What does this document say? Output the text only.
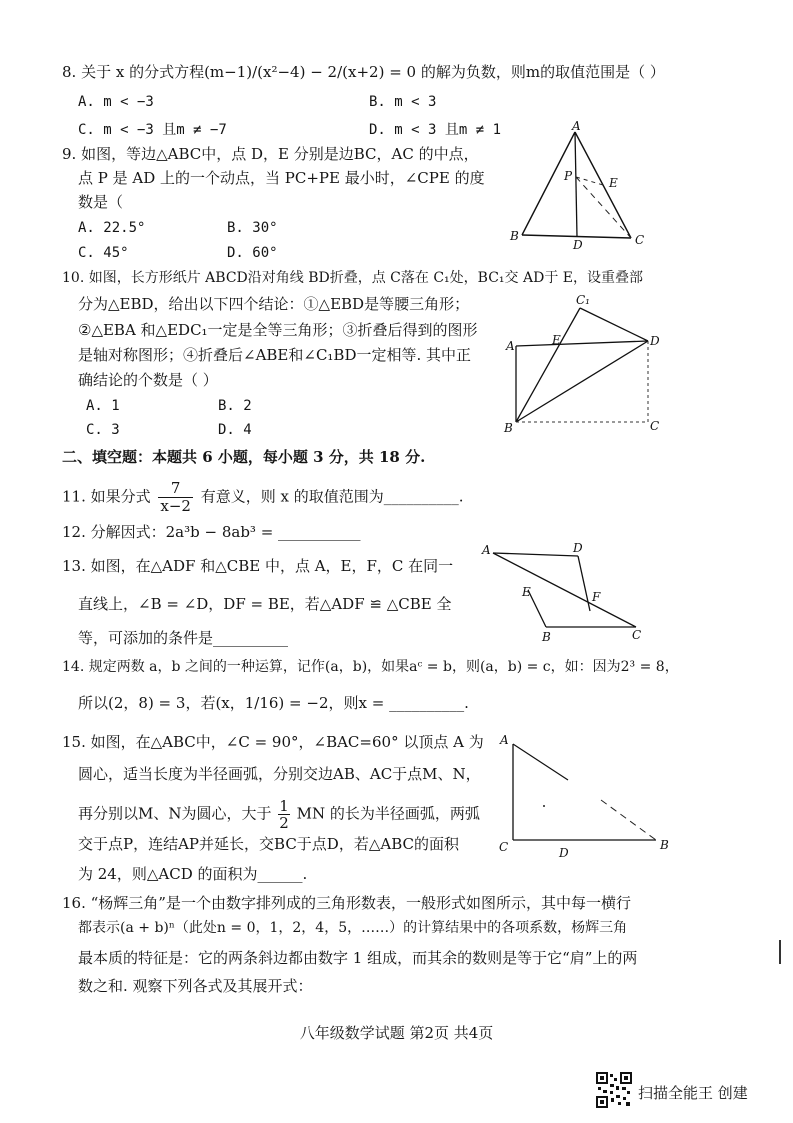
8. 关于 x 的分式方程(m−1)/(x²−4) − 2/(x+2) = 0 的解为负数，则m的取值范围是（ ）
A. m < −3	B. m < 3
C. m < −3 且m ≠ −7	D. m < 3 且m ≠ 1
9. 如图，等边△ABC中，点 D，E 分别是边BC，AC 的中点，
点 P 是 AD 上的一个动点，当 PC+PE 最小时，∠CPE 的度
数是（
A. 22.5°	B. 30°
C. 45°	D. 60°
A
B	C
D
E
P
10. 如图，长方形纸片 ABCD沿对角线 BD折叠，点 C落在 C₁处，BC₁交 AD于 E，设重叠部
分为△EBD，给出以下四个结论：①△EBD是等腰三角形；
②△EBA 和△EDC₁一定是全等三角形；③折叠后得到的图形
是轴对称图形；④折叠后∠ABE和∠C₁BD一定相等. 其中正
确结论的个数是（ ）
A. 1	B. 2
C. 3	D. 4
A
B	C
D
E
C₁
二、填空题：本题共 6 小题，每小题 3 分，共 18 分.
11. 如果分式 $\frac{7}{x-2}$ 有意义，则 x 的取值范围为__________.
12. 分解因式：2a³b − 8ab³ = ___________
13. 如图，在△ADF 和△CBE 中，点 A，E，F，C 在同一
直线上，∠B = ∠D，DF = BE，若△ADF ≌ △CBE 全
等，可添加的条件是__________
A	D
E	F
B	C
14. 规定两数 a，b 之间的一种运算，记作(a，b)，如果aᶜ = b，则(a，b) = c，如：因为2³ = 8，
所以(2，8) = 3，若(x，1/16) = −2，则x = __________.
15. 如图，在△ABC中，∠C = 90°，∠BAC=60° 以顶点 A 为
圆心，适当长度为半径画弧，分别交边AB、AC于点M、N，
再分别以M、N为圆心，大于 $\frac{1}{2}$ MN 的长为半径画弧，两弧
交于点P，连结AP并延长，交BC于点D，若△ABC的面积
为 24，则△ACD 的面积为______.
A
C	D
B
16. “杨辉三角”是一个由数字排列成的三角形数表，一般形式如图所示，其中每一横行
都表示(a + b)ⁿ（此处n = 0，1，2，4，5，……）的计算结果中的各项系数，杨辉三角
最本质的特征是：它的两条斜边都由数字 1 组成，而其余的数则是等于它“肩”上的两
数之和. 观察下列各式及其展开式：
八年级数学试题 第2页 共4页
扫描全能王 创建
